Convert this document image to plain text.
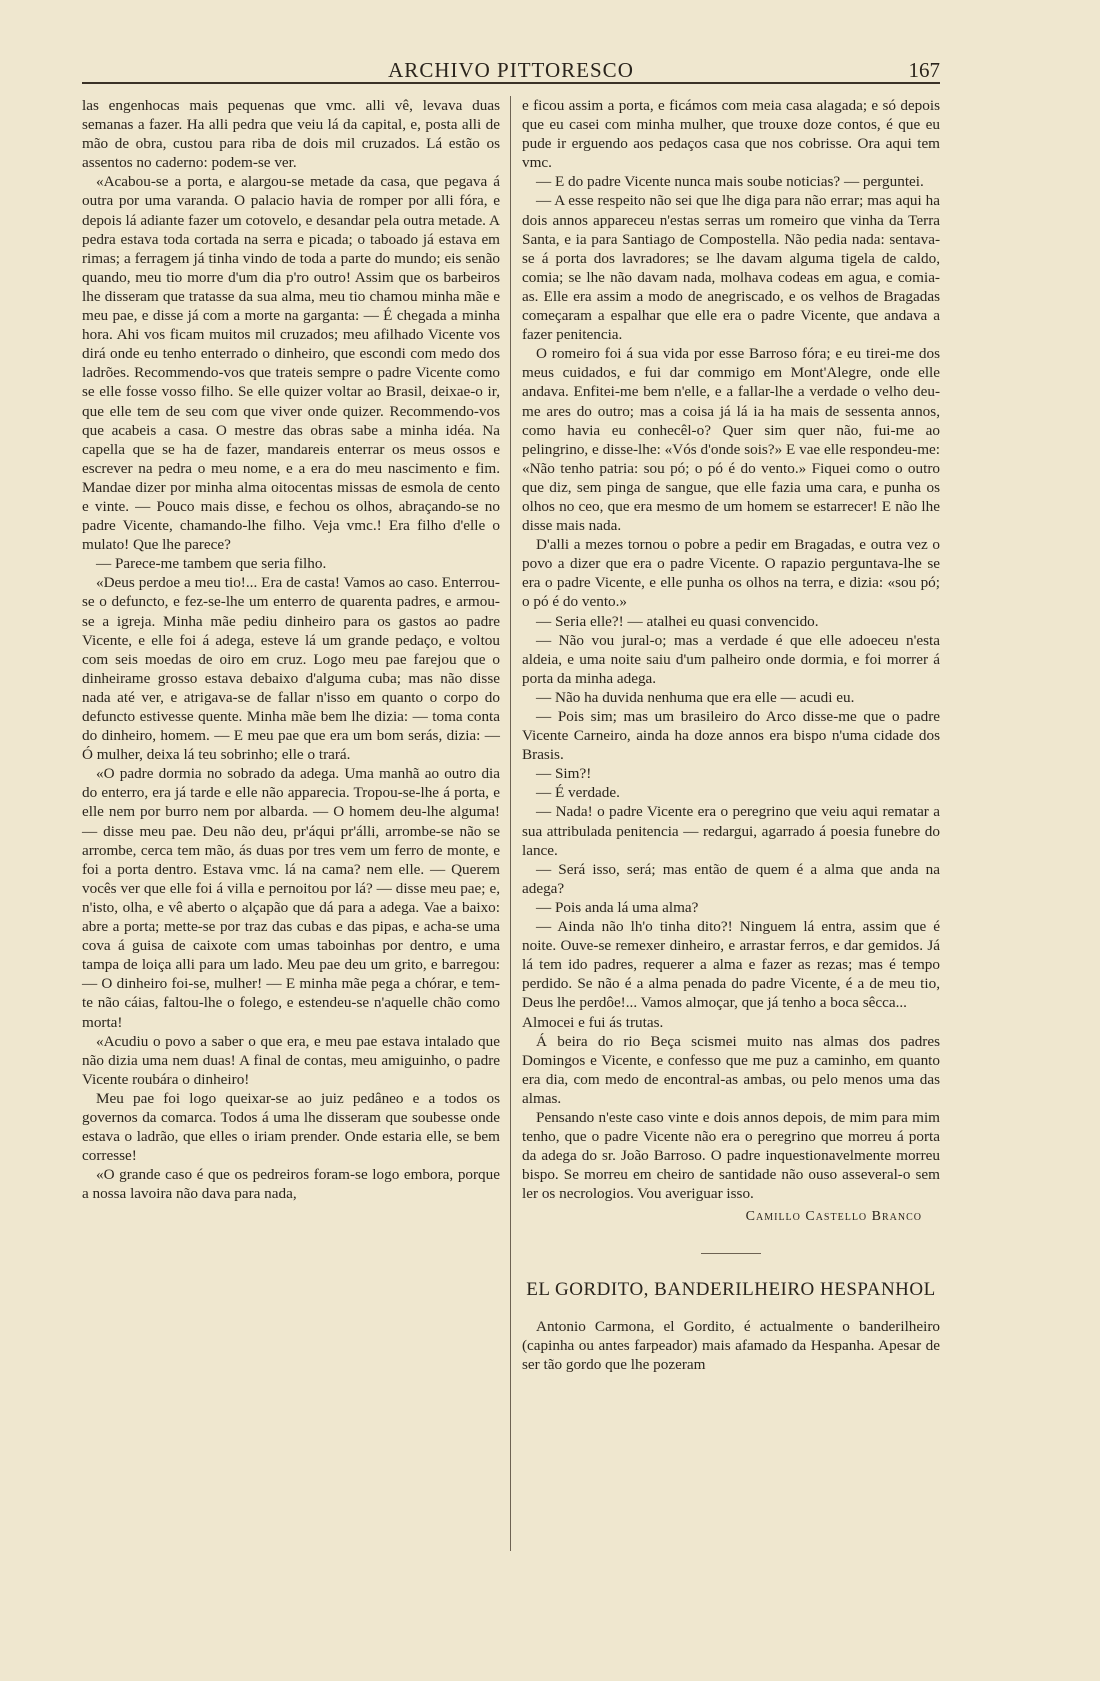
ARCHIVO PITTORESCO	167

las engenhocas mais pequenas que vmc. alli vê, levava duas semanas a fazer. Ha alli pedra que veiu lá da capital, e, posta alli de mão de obra, custou para riba de dois mil cruzados. Lá estão os assentos no caderno: podem-se ver.

«Acabou-se a porta, e alargou-se metade da casa, que pegava á outra por uma varanda. O palacio havia de romper por alli fóra, e depois lá adiante fazer um cotovelo, e desandar pela outra metade. A pedra estava toda cortada na serra e picada; o taboado já estava em rimas; a ferragem já tinha vindo de toda a parte do mundo; eis senão quando, meu tio morre d'um dia p'ro outro! Assim que os barbeiros lhe disseram que tratasse da sua alma, meu tio chamou minha mãe e meu pae, e disse já com a morte na garganta: — É chegada a minha hora. Ahi vos ficam muitos mil cruzados; meu afilhado Vicente vos dirá onde eu tenho enterrado o dinheiro, que escondi com medo dos ladrões. Recommendo-vos que trateis sempre o padre Vicente como se elle fosse vosso filho. Se elle quizer voltar ao Brasil, deixae-o ir, que elle tem de seu com que viver onde quizer. Recommendo-vos que acabeis a casa. O mestre das obras sabe a minha idéa. Na capella que se ha de fazer, mandareis enterrar os meus ossos e escrever na pedra o meu nome, e a era do meu nascimento e fim. Mandae dizer por minha alma oitocentas missas de esmola de cento e vinte. — Pouco mais disse, e fechou os olhos, abraçando-se no padre Vicente, chamando-lhe filho. Veja vmc.! Era filho d'elle o mulato! Que lhe parece?

— Parece-me tambem que seria filho.

«Deus perdoe a meu tio!... Era de casta! Vamos ao caso. Enterrou-se o defuncto, e fez-se-lhe um enterro de quarenta padres, e armou-se a igreja. Minha mãe pediu dinheiro para os gastos ao padre Vicente, e elle foi á adega, esteve lá um grande pedaço, e voltou com seis moedas de oiro em cruz. Logo meu pae farejou que o dinheirame grosso estava debaixo d'alguma cuba; mas não disse nada até ver, e atrigava-se de fallar n'isso em quanto o corpo do defuncto estivesse quente. Minha mãe bem lhe dizia: — toma conta do dinheiro, homem. — E meu pae que era um bom serás, dizia: — Ó mulher, deixa lá teu sobrinho; elle o trará.

«O padre dormia no sobrado da adega. Uma manhã ao outro dia do enterro, era já tarde e elle não apparecia. Tropou-se-lhe á porta, e elle nem por burro nem por albarda. — O homem deu-lhe alguma! — disse meu pae. Deu não deu, pr'áqui pr'álli, arrombe-se não se arrombe, cerca tem mão, ás duas por tres vem um ferro de monte, e foi a porta dentro. Estava vmc. lá na cama? nem elle. — Querem vocês ver que elle foi á villa e pernoitou por lá? — disse meu pae; e, n'isto, olha, e vê aberto o alçapão que dá para a adega. Vae a baixo: abre a porta; mette-se por traz das cubas e das pipas, e acha-se uma cova á guisa de caixote com umas taboinhas por dentro, e uma tampa de loiça alli para um lado. Meu pae deu um grito, e barregou: — O dinheiro foi-se, mulher! — E minha mãe pega a chórar, e tem-te não cáias, faltou-lhe o folego, e estendeu-se n'aquelle chão como morta!

«Acudiu o povo a saber o que era, e meu pae estava intalado que não dizia uma nem duas! A final de contas, meu amiguinho, o padre Vicente roubára o dinheiro!

Meu pae foi logo queixar-se ao juiz pedâneo e a todos os governos da comarca. Todos á uma lhe disseram que soubesse onde estava o ladrão, que elles o iriam prender. Onde estaria elle, se bem corresse!

«O grande caso é que os pedreiros foram-se logo embora, porque a nossa lavoira não dava para nada,

e ficou assim a porta, e ficámos com meia casa alagada; e só depois que eu casei com minha mulher, que trouxe doze contos, é que eu pude ir erguendo aos pedaços casa que nos cobrisse. Ora aqui tem vmc.

— E do padre Vicente nunca mais soube noticias? — perguntei.

— A esse respeito não sei que lhe diga para não errar; mas aqui ha dois annos appareceu n'estas serras um romeiro que vinha da Terra Santa, e ia para Santiago de Compostella. Não pedia nada: sentava-se á porta dos lavradores; se lhe davam alguma tigela de caldo, comia; se lhe não davam nada, molhava codeas em agua, e comia-as. Elle era assim a modo de anegriscado, e os velhos de Bragadas começaram a espalhar que elle era o padre Vicente, que andava a fazer penitencia.

O romeiro foi á sua vida por esse Barroso fóra; e eu tirei-me dos meus cuidados, e fui dar commigo em Mont'Alegre, onde elle andava. Enfitei-me bem n'elle, e a fallar-lhe a verdade o velho deu-me ares do outro; mas a coisa já lá ia ha mais de sessenta annos, como havia eu conhecêl-o? Quer sim quer não, fui-me ao pelingrino, e disse-lhe: «Vós d'onde sois?» E vae elle respondeu-me: «Não tenho patria: sou pó; o pó é do vento.» Fiquei como o outro que diz, sem pinga de sangue, que elle fazia uma cara, e punha os olhos no ceo, que era mesmo de um homem se estarrecer! E não lhe disse mais nada.

D'alli a mezes tornou o pobre a pedir em Bragadas, e outra vez o povo a dizer que era o padre Vicente. O rapazio perguntava-lhe se era o padre Vicente, e elle punha os olhos na terra, e dizia: «sou pó; o pó é do vento.»

— Seria elle?! — atalhei eu quasi convencido.

— Não vou jural-o; mas a verdade é que elle adoeceu n'esta aldeia, e uma noite saiu d'um palheiro onde dormia, e foi morrer á porta da minha adega.

— Não ha duvida nenhuma que era elle — acudi eu.

— Pois sim; mas um brasileiro do Arco disse-me que o padre Vicente Carneiro, ainda ha doze annos era bispo n'uma cidade dos Brasis.

— Sim?!

— É verdade.

— Nada! o padre Vicente era o peregrino que veiu aqui rematar a sua attribulada penitencia — redargui, agarrado á poesia funebre do lance.

— Será isso, será; mas então de quem é a alma que anda na adega?

— Pois anda lá uma alma?

— Ainda não lh'o tinha dito?! Ninguem lá entra, assim que é noite. Ouve-se remexer dinheiro, e arrastar ferros, e dar gemidos. Já lá tem ido padres, requerer a alma e fazer as rezas; mas é tempo perdido. Se não é a alma penada do padre Vicente, é a de meu tio, Deus lhe perdôe!... Vamos almoçar, que já tenho a boca sêcca...

Almocei e fui ás trutas.

Á beira do rio Beça scismei muito nas almas dos padres Domingos e Vicente, e confesso que me puz a caminho, em quanto era dia, com medo de encontral-as ambas, ou pelo menos uma das almas.

Pensando n'este caso vinte e dois annos depois, de mim para mim tenho, que o padre Vicente não era o peregrino que morreu á porta da adega do sr. João Barroso. O padre inquestionavelmente morreu bispo. Se morreu em cheiro de santidade não ouso asseveral-o sem ler os necrologios. Vou averiguar isso.

Camillo Castello Branco
EL GORDITO, BANDERILHEIRO HESPANHOL

Antonio Carmona, el Gordito, é actualmente o banderilheiro (capinha ou antes farpeador) mais afamado da Hespanha. Apesar de ser tão gordo que lhe pozeram
